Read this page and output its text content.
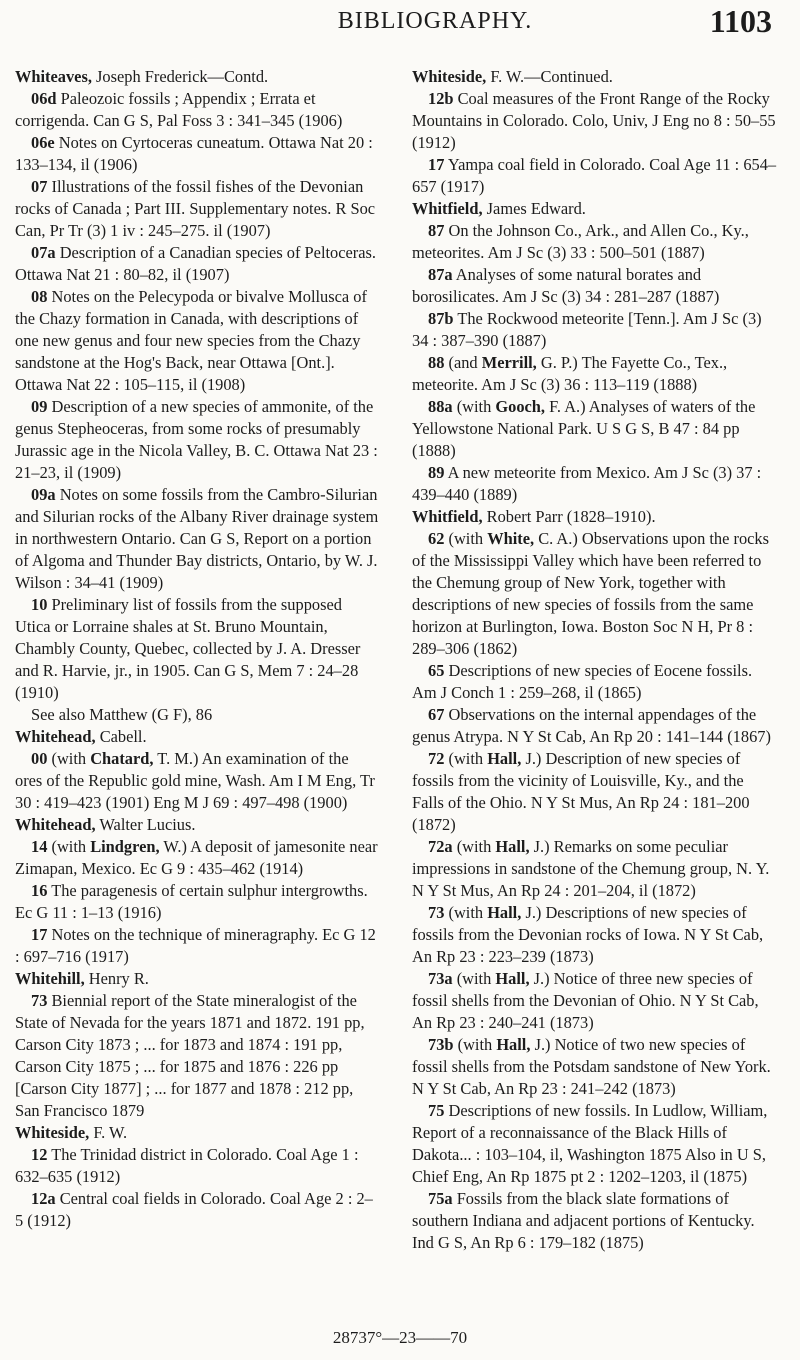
BIBLIOGRAPHY.	1103

Whiteaves, Joseph Frederick—Contd.

06d Paleozoic fossils ; Appendix ; Errata et corrigenda. Can G S, Pal Foss 3 : 341–345 (1906)

06e Notes on Cyrtoceras cuneatum. Ottawa Nat 20 : 133–134, il (1906)

07 Illustrations of the fossil fishes of the Devonian rocks of Canada ; Part III. Supplementary notes. R Soc Can, Pr Tr (3) 1 iv : 245–275. il (1907)

07a Description of a Canadian species of Peltoceras. Ottawa Nat 21 : 80–82, il (1907)

08 Notes on the Pelecypoda or bivalve Mollusca of the Chazy formation in Canada, with descriptions of one new genus and four new species from the Chazy sandstone at the Hog's Back, near Ottawa [Ont.]. Ottawa Nat 22 : 105–115, il (1908)

09 Description of a new species of ammonite, of the genus Stepheoceras, from some rocks of presumably Jurassic age in the Nicola Valley, B. C. Ottawa Nat 23 : 21–23, il (1909)

09a Notes on some fossils from the Cambro-Silurian and Silurian rocks of the Albany River drainage system in northwestern Ontario. Can G S, Report on a portion of Algoma and Thunder Bay districts, Ontario, by W. J. Wilson : 34–41 (1909)

10 Preliminary list of fossils from the supposed Utica or Lorraine shales at St. Bruno Mountain, Chambly County, Quebec, collected by J. A. Dresser and R. Harvie, jr., in 1905. Can G S, Mem 7 : 24–28 (1910)

See also Matthew (G F), 86

Whitehead, Cabell.

00 (with Chatard, T. M.) An examination of the ores of the Republic gold mine, Wash. Am I M Eng, Tr 30 : 419–423 (1901) Eng M J 69 : 497–498 (1900)

Whitehead, Walter Lucius.

14 (with Lindgren, W.) A deposit of jamesonite near Zimapan, Mexico. Ec G 9 : 435–462 (1914)

16 The paragenesis of certain sulphur intergrowths. Ec G 11 : 1–13 (1916)

17 Notes on the technique of mineragraphy. Ec G 12 : 697–716 (1917)

Whitehill, Henry R.

73 Biennial report of the State mineralogist of the State of Nevada for the years 1871 and 1872. 191 pp, Carson City 1873 ; ... for 1873 and 1874 : 191 pp, Carson City 1875 ; ... for 1875 and 1876 : 226 pp [Carson City 1877] ; ... for 1877 and 1878 : 212 pp, San Francisco 1879

Whiteside, F. W.

12 The Trinidad district in Colorado. Coal Age 1 : 632–635 (1912)

12a Central coal fields in Colorado. Coal Age 2 : 2–5 (1912)

Whiteside, F. W.—Continued.

12b Coal measures of the Front Range of the Rocky Mountains in Colorado. Colo, Univ, J Eng no 8 : 50–55 (1912)

17 Yampa coal field in Colorado. Coal Age 11 : 654–657 (1917)

Whitfield, James Edward.

87 On the Johnson Co., Ark., and Allen Co., Ky., meteorites. Am J Sc (3) 33 : 500–501 (1887)

87a Analyses of some natural borates and borosilicates. Am J Sc (3) 34 : 281–287 (1887)

87b The Rockwood meteorite [Tenn.]. Am J Sc (3) 34 : 387–390 (1887)

88 (and Merrill, G. P.) The Fayette Co., Tex., meteorite. Am J Sc (3) 36 : 113–119 (1888)

88a (with Gooch, F. A.) Analyses of waters of the Yellowstone National Park. U S G S, B 47 : 84 pp (1888)

89 A new meteorite from Mexico. Am J Sc (3) 37 : 439–440 (1889)

Whitfield, Robert Parr (1828–1910).

62 (with White, C. A.) Observations upon the rocks of the Mississippi Valley which have been referred to the Chemung group of New York, together with descriptions of new species of fossils from the same horizon at Burlington, Iowa. Boston Soc N H, Pr 8 : 289–306 (1862)

65 Descriptions of new species of Eocene fossils. Am J Conch 1 : 259–268, il (1865)

67 Observations on the internal appendages of the genus Atrypa. N Y St Cab, An Rp 20 : 141–144 (1867)

72 (with Hall, J.) Description of new species of fossils from the vicinity of Louisville, Ky., and the Falls of the Ohio. N Y St Mus, An Rp 24 : 181–200 (1872)

72a (with Hall, J.) Remarks on some peculiar impressions in sandstone of the Chemung group, N. Y. N Y St Mus, An Rp 24 : 201–204, il (1872)

73 (with Hall, J.) Descriptions of new species of fossils from the Devonian rocks of Iowa. N Y St Cab, An Rp 23 : 223–239 (1873)

73a (with Hall, J.) Notice of three new species of fossil shells from the Devonian of Ohio. N Y St Cab, An Rp 23 : 240–241 (1873)

73b (with Hall, J.) Notice of two new species of fossil shells from the Potsdam sandstone of New York. N Y St Cab, An Rp 23 : 241–242 (1873)

75 Descriptions of new fossils. In Ludlow, William, Report of a reconnaissance of the Black Hills of Dakota... : 103–104, il, Washington 1875 Also in U S, Chief Eng, An Rp 1875 pt 2 : 1202–1203, il (1875)

75a Fossils from the black slate formations of southern Indiana and adjacent portions of Kentucky. Ind G S, An Rp 6 : 179–182 (1875)

28737°—23——70
